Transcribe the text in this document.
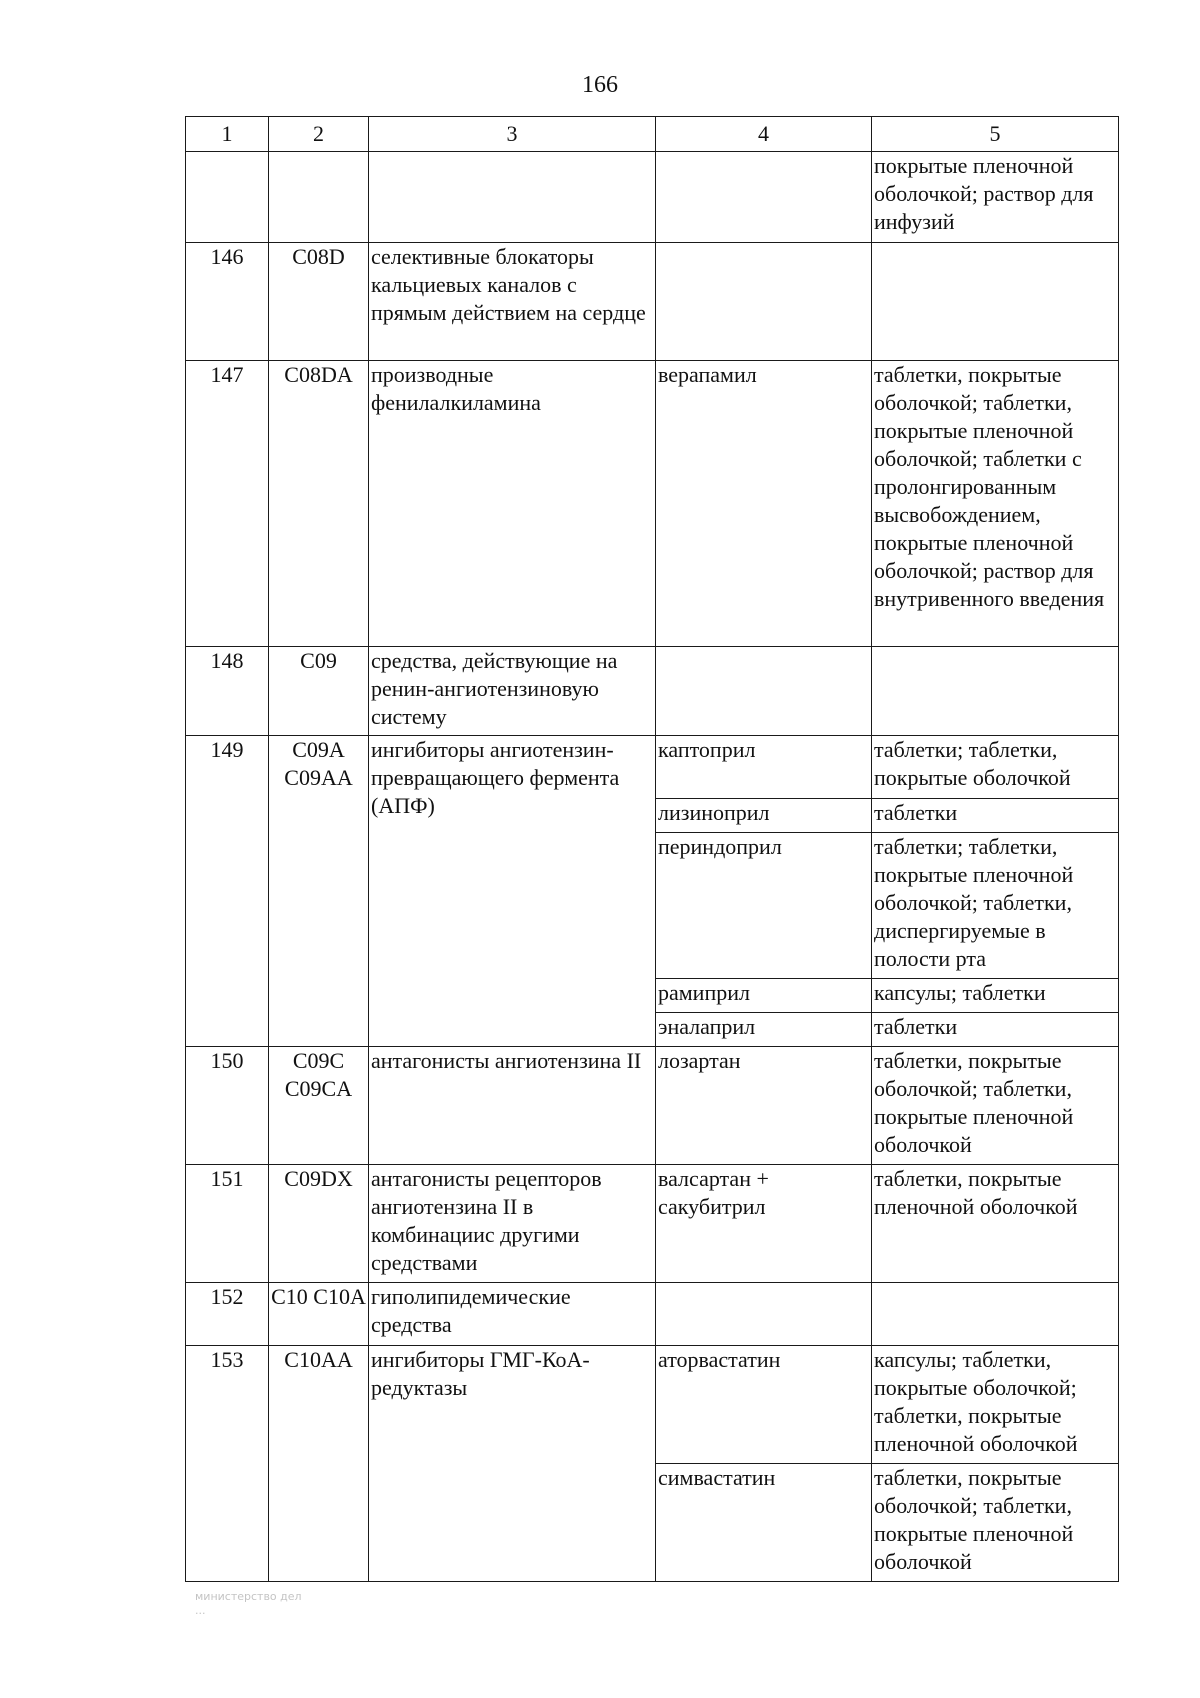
166
1	2	3	4	5
				покрытые пленочной оболочкой; раствор для инфузий
146	C08D	селективные блокаторы кальциевых каналов с прямым действием на сердце		
147	C08DA	производные фенилалкиламина	верапамил	таблетки, покрытые оболочкой; таблетки, покрытые пленочной оболочкой; таблетки с пролонгированным высвобождением, покрытые пленочной оболочкой; раствор для внутривенного введения
148	C09	средства, действующие на ренин-ангиотензиновую систему		
149	C09A C09AA	ингибиторы ангиотензин-превращающего фермента (АПФ)	каптоприл	таблетки; таблетки, покрытые оболочкой
			лизиноприл	таблетки
			периндоприл	таблетки; таблетки, покрытые пленочной оболочкой; таблетки, диспергируемые в полости рта
			рамиприл	капсулы; таблетки
			эналаприл	таблетки
150	C09C C09CA	антагонисты ангиотензина II	лозартан	таблетки, покрытые оболочкой; таблетки, покрытые пленочной оболочкой
151	C09DX	антагонисты рецепторов ангиотензина II в комбинациис другими средствами	валсартан + сакубитрил	таблетки, покрытые пленочной оболочкой
152	C10 C10A	гиполипидемические средства		
153	C10AA	ингибиторы ГМГ-КоА-редуктазы	аторвастатин	капсулы; таблетки, покрытые оболочкой; таблетки, покрытые пленочной оболочкой
			симвастатин	таблетки, покрытые оболочкой; таблетки, покрытые пленочной оболочкой
министерство дел
...
